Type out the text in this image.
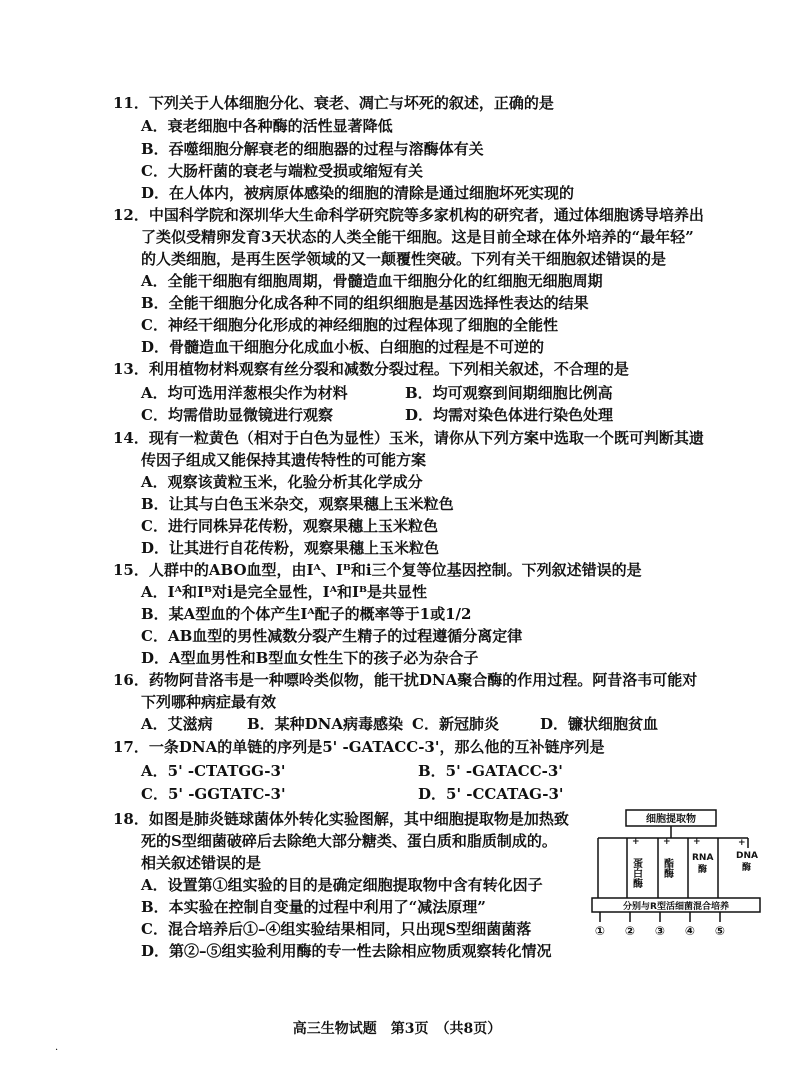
11．下列关于人体细胞分化、衰老、凋亡与坏死的叙述，正确的是
A．衰老细胞中各种酶的活性显著降低
B．吞噬细胞分解衰老的细胞器的过程与溶酶体有关
C．大肠杆菌的衰老与端粒受损或缩短有关
D．在人体内，被病原体感染的细胞的清除是通过细胞坏死实现的
12．中国科学院和深圳华大生命科学研究院等多家机构的研究者，通过体细胞诱导培养出
了类似受精卵发育3天状态的人类全能干细胞。这是目前全球在体外培养的“最年轻”
的人类细胞，是再生医学领域的又一颠覆性突破。下列有关干细胞叙述错误的是
A．全能干细胞有细胞周期，骨髓造血干细胞分化的红细胞无细胞周期
B．全能干细胞分化成各种不同的组织细胞是基因选择性表达的结果
C．神经干细胞分化形成的神经细胞的过程体现了细胞的全能性
D．骨髓造血干细胞分化成血小板、白细胞的过程是不可逆的
13．利用植物材料观察有丝分裂和减数分裂过程。下列相关叙述，不合理的是
A．均可选用洋葱根尖作为材料	B．均可观察到间期细胞比例高
C．均需借助显微镜进行观察	D．均需对染色体进行染色处理
14．现有一粒黄色（相对于白色为显性）玉米，请你从下列方案中选取一个既可判断其遗
传因子组成又能保持其遗传特性的可能方案
A．观察该黄粒玉米，化验分析其化学成分
B．让其与白色玉米杂交，观察果穗上玉米粒色
C．进行同株异花传粉，观察果穗上玉米粒色
D．让其进行自花传粉，观察果穗上玉米粒色
15．人群中的ABO血型，由Iᴬ、Iᴮ和i三个复等位基因控制。下列叙述错误的是
A．Iᴬ和Iᴮ对i是完全显性，Iᴬ和Iᴮ是共显性
B．某A型血的个体产生Iᴬ配子的概率等于1或1/2
C．AB血型的男性减数分裂产生精子的过程遵循分离定律
D．A型血男性和B型血女性生下的孩子必为杂合子
16．药物阿昔洛韦是一种嘌呤类似物，能干扰DNA聚合酶的作用过程。阿昔洛韦可能对
下列哪种病症最有效
A．艾滋病 B．某种DNA病毒感染 C．新冠肺炎	D．镰状细胞贫血
17．一条DNA的单链的序列是5' -GATACC-3'，那么他的互补链序列是
A．5' -CTATGG-3'	B．5' -GATACC-3'
C．5' -GGTATC-3'	D．5' -CCATAG-3'
18．如图是肺炎链球菌体外转化实验图解，其中细胞提取物是加热致
死的S型细菌破碎后去除绝大部分糖类、蛋白质和脂质制成的。
相关叙述错误的是
A．设置第①组实验的目的是确定细胞提取物中含有转化因子
B．本实验在控制自变量的过程中利用了“减法原理”
C．混合培养后①–④组实验结果相同，只出现S型细菌菌落
D．第②–⑤组实验利用酶的专一性去除相应物质观察转化情况
细胞提取物
+	+ +	+
蛋白酶 酯酶 RNA
酶
DNA
酶
分别与R型活细菌混合培养
① ② ③ ④ ⑤
高三生物试题　第3页　（共8页）
·
